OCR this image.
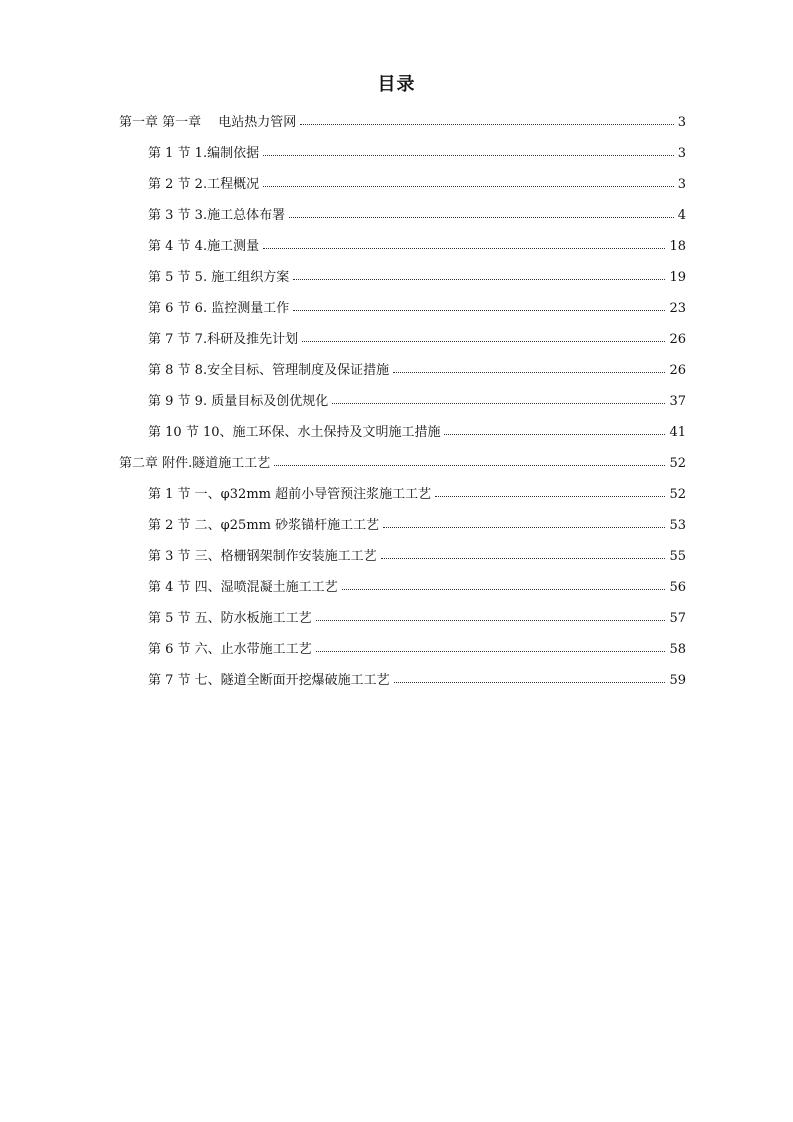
目录
第一章 第一章　 电站热力管网	3
第 1 节 1.编制依据	3
第 2 节 2.工程概况	3
第 3 节 3.施工总体布署	4
第 4 节 4.施工测量	18
第 5 节 5. 施工组织方案	19
第 6 节 6. 监控测量工作	23
第 7 节 7.科研及推先计划	26
第 8 节 8.安全目标、管理制度及保证措施	26
第 9 节 9. 质量目标及创优规化	37
第 10 节 10、施工环保、水土保持及文明施工措施	41
第二章 附件.隧道施工工艺	52
第 1 节 一、φ32mm 超前小导管预注浆施工工艺	52
第 2 节 二、φ25mm 砂浆锚杆施工工艺	53
第 3 节 三、格栅钢架制作安装施工工艺	55
第 4 节 四、湿喷混凝土施工工艺	56
第 5 节 五、防水板施工工艺	57
第 6 节 六、止水带施工工艺	58
第 7 节 七、隧道全断面开挖爆破施工工艺	59
